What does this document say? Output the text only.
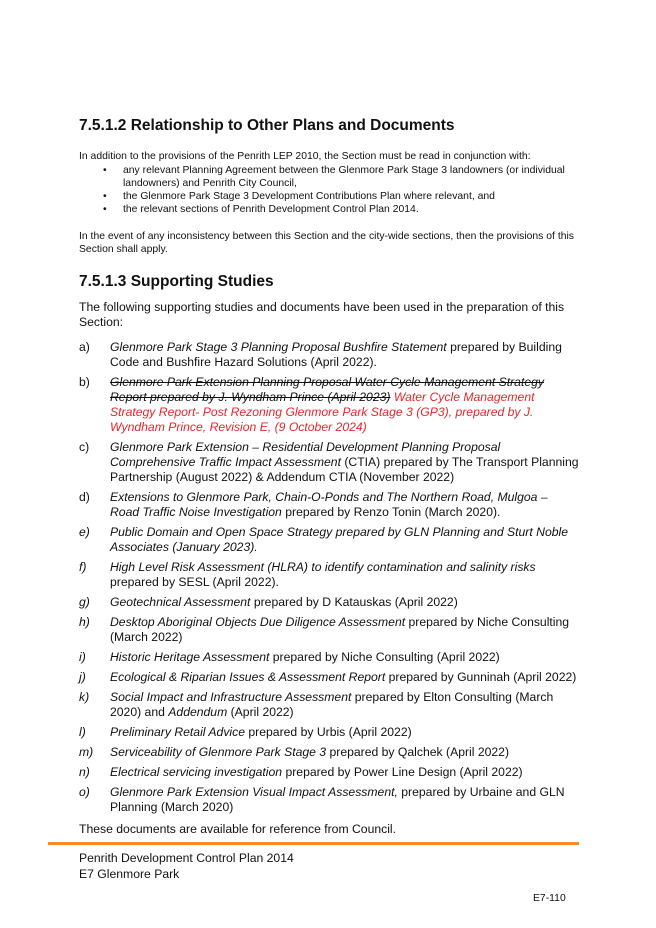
7.5.1.2 Relationship to Other Plans and Documents

In addition to the provisions of the Penrith LEP 2010, the Section must be read in conjunction with:

• any relevant Planning Agreement between the Glenmore Park Stage 3 landowners (or individual landowners) and Penrith City Council,
• the Glenmore Park Stage 3 Development Contributions Plan where relevant, and
• the relevant sections of Penrith Development Control Plan 2014.

In the event of any inconsistency between this Section and the city-wide sections, then the provisions of this Section shall apply.

7.5.1.3 Supporting Studies

The following supporting studies and documents have been used in the preparation of this Section:

a) Glenmore Park Stage 3 Planning Proposal Bushfire Statement prepared by Building Code and Bushfire Hazard Solutions (April 2022).
b) Glenmore Park Extension Planning Proposal Water Cycle Management Strategy Report prepared by J. Wyndham Prince (April 2023) Water Cycle Management Strategy Report- Post Rezoning Glenmore Park Stage 3 (GP3), prepared by J. Wyndham Prince, Revision E, (9 October 2024)
c) Glenmore Park Extension – Residential Development Planning Proposal Comprehensive Traffic Impact Assessment (CTIA) prepared by The Transport Planning Partnership (August 2022) & Addendum CTIA (November 2022)
d) Extensions to Glenmore Park, Chain-O-Ponds and The Northern Road, Mulgoa – Road Traffic Noise Investigation prepared by Renzo Tonin (March 2020).
e) Public Domain and Open Space Strategy prepared by GLN Planning and Sturt Noble Associates (January 2023).
f) High Level Risk Assessment (HLRA) to identify contamination and salinity risks prepared by SESL (April 2022).
g) Geotechnical Assessment prepared by D Katauskas (April 2022)
h) Desktop Aboriginal Objects Due Diligence Assessment prepared by Niche Consulting (March 2022)
i) Historic Heritage Assessment prepared by Niche Consulting (April 2022)
j) Ecological & Riparian Issues & Assessment Report prepared by Gunninah (April 2022)
k) Social Impact and Infrastructure Assessment prepared by Elton Consulting (March 2020) and Addendum (April 2022)
l) Preliminary Retail Advice prepared by Urbis (April 2022)
m) Serviceability of Glenmore Park Stage 3 prepared by Qalchek (April 2022)
n) Electrical servicing investigation prepared by Power Line Design (April 2022)
o) Glenmore Park Extension Visual Impact Assessment, prepared by Urbaine and GLN Planning (March 2020)

These documents are available for reference from Council.

Penrith Development Control Plan 2014

E7 Glenmore Park

E7-110
